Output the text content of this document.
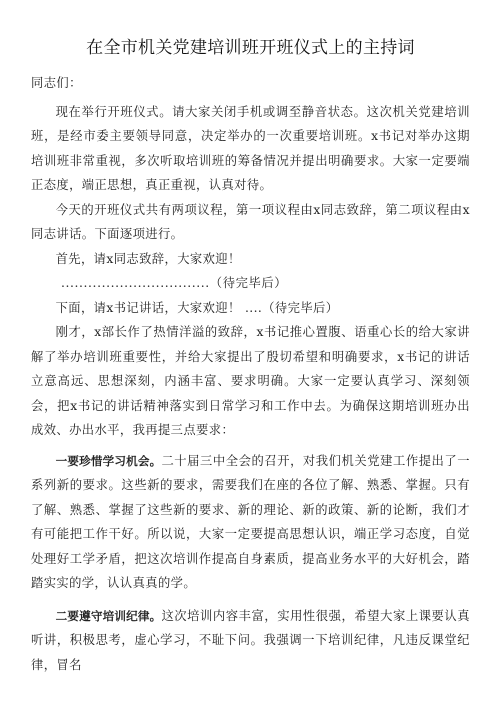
在全市机关党建培训班开班仪式上的主持词

同志们：

现在举行开班仪式。请大家关闭手机或调至静音状态。这次机关党建培训班，是经市委主要领导同意，决定举办的一次重要培训班。x书记对举办这期培训班非常重视，多次听取培训班的筹备情况并提出明确要求。大家一定要端正态度，端正思想，真正重视，认真对待。

今天的开班仪式共有两项议程，第一项议程由x同志致辞，第二项议程由x同志讲话。下面逐项进行。

首先，请x同志致辞，大家欢迎！

.................................（待完毕后）

下面，请x书记讲话，大家欢迎！ ....（待完毕后）

刚才，x部长作了热情洋溢的致辞，x书记推心置腹、语重心长的给大家讲解了举办培训班重要性，并给大家提出了殷切希望和明确要求，x书记的讲话立意高远、思想深刻，内涵丰富、要求明确。大家一定要认真学习、深刻领会，把x书记的讲话精神落实到日常学习和工作中去。为确保这期培训班办出成效、办出水平，我再提三点要求：

一要珍惜学习机会。二十届三中全会的召开，对我们机关党建工作提出了一系列新的要求。这些新的要求，需要我们在座的各位了解、熟悉、掌握。只有了解、熟悉、掌握了这些新的要求、新的理论、新的政策、新的论断，我们才有可能把工作干好。所以说，大家一定要提高思想认识，端正学习态度，自觉处理好工学矛盾，把这次培训作提高自身素质，提高业务水平的大好机会，踏踏实实的学，认认真真的学。

二要遵守培训纪律。这次培训内容丰富，实用性很强，希望大家上课要认真听讲，积极思考，虚心学习，不耻下问。我强调一下培训纪律，凡违反课堂纪律，冒名
